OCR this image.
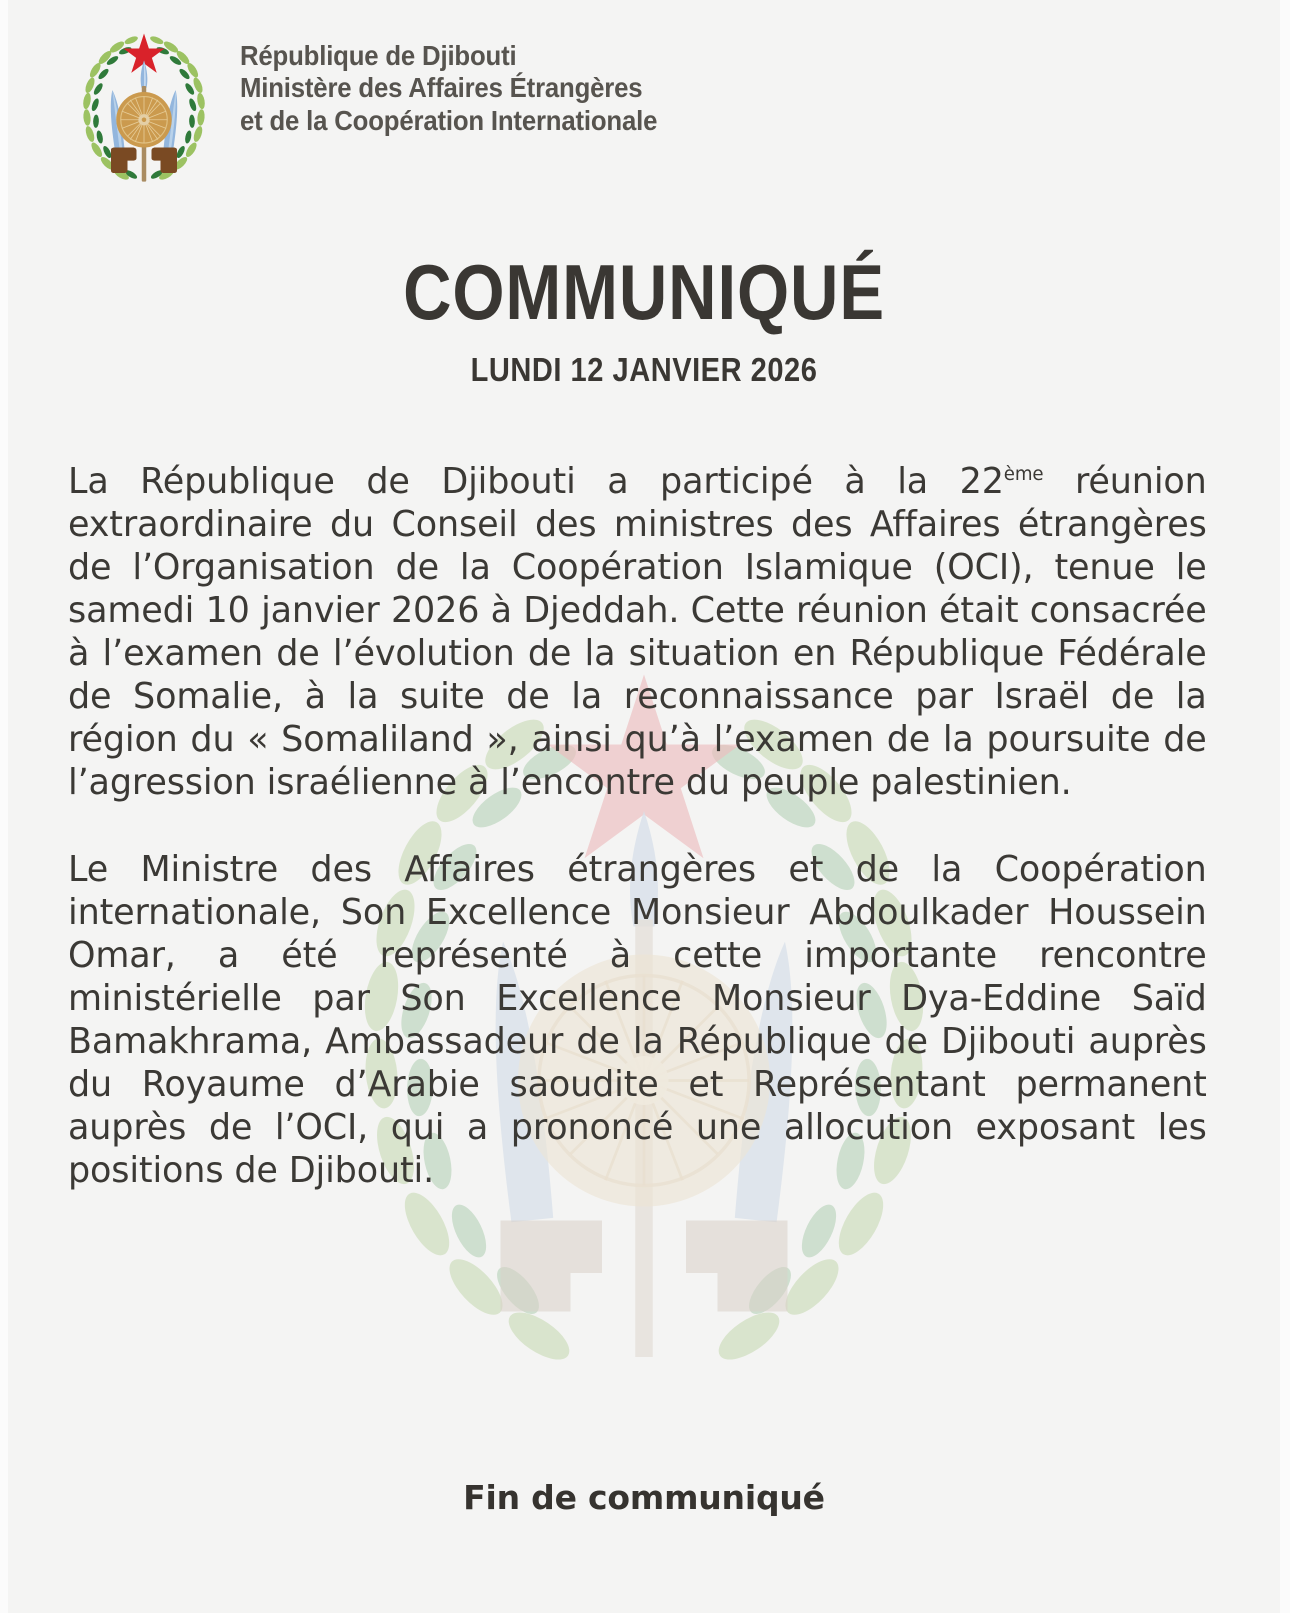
République de Djibouti
Ministère des Affaires Étrangères
et de la Coopération Internationale
COMMUNIQUÉ
LUNDI 12 JANVIER 2026

La République de Djibouti a participé à la 22ème réunion extraordinaire du Conseil des ministres des Affaires étrangères de l’Organisation de la Coopération Islamique (OCI), tenue le samedi 10 janvier 2026 à Djeddah. Cette réunion était consacrée à l’examen de l’évolution de la situation en République Fédérale de Somalie, à la suite de la reconnaissance par Israël de la région du « Somaliland », ainsi qu’à l’examen de la poursuite de l’agression israélienne à l’encontre du peuple palestinien.

Le Ministre des Affaires étrangères et de la Coopération internationale, Son Excellence Monsieur Abdoulkader Houssein Omar, a été représenté à cette importante rencontre ministérielle par Son Excellence Monsieur Dya-Eddine Saïd Bamakhrama, Ambassadeur de la République de Djibouti auprès du Royaume d’Arabie saoudite et Représentant permanent auprès de l’OCI, qui a prononcé une allocution exposant les positions de Djibouti.

Fin de communiqué
